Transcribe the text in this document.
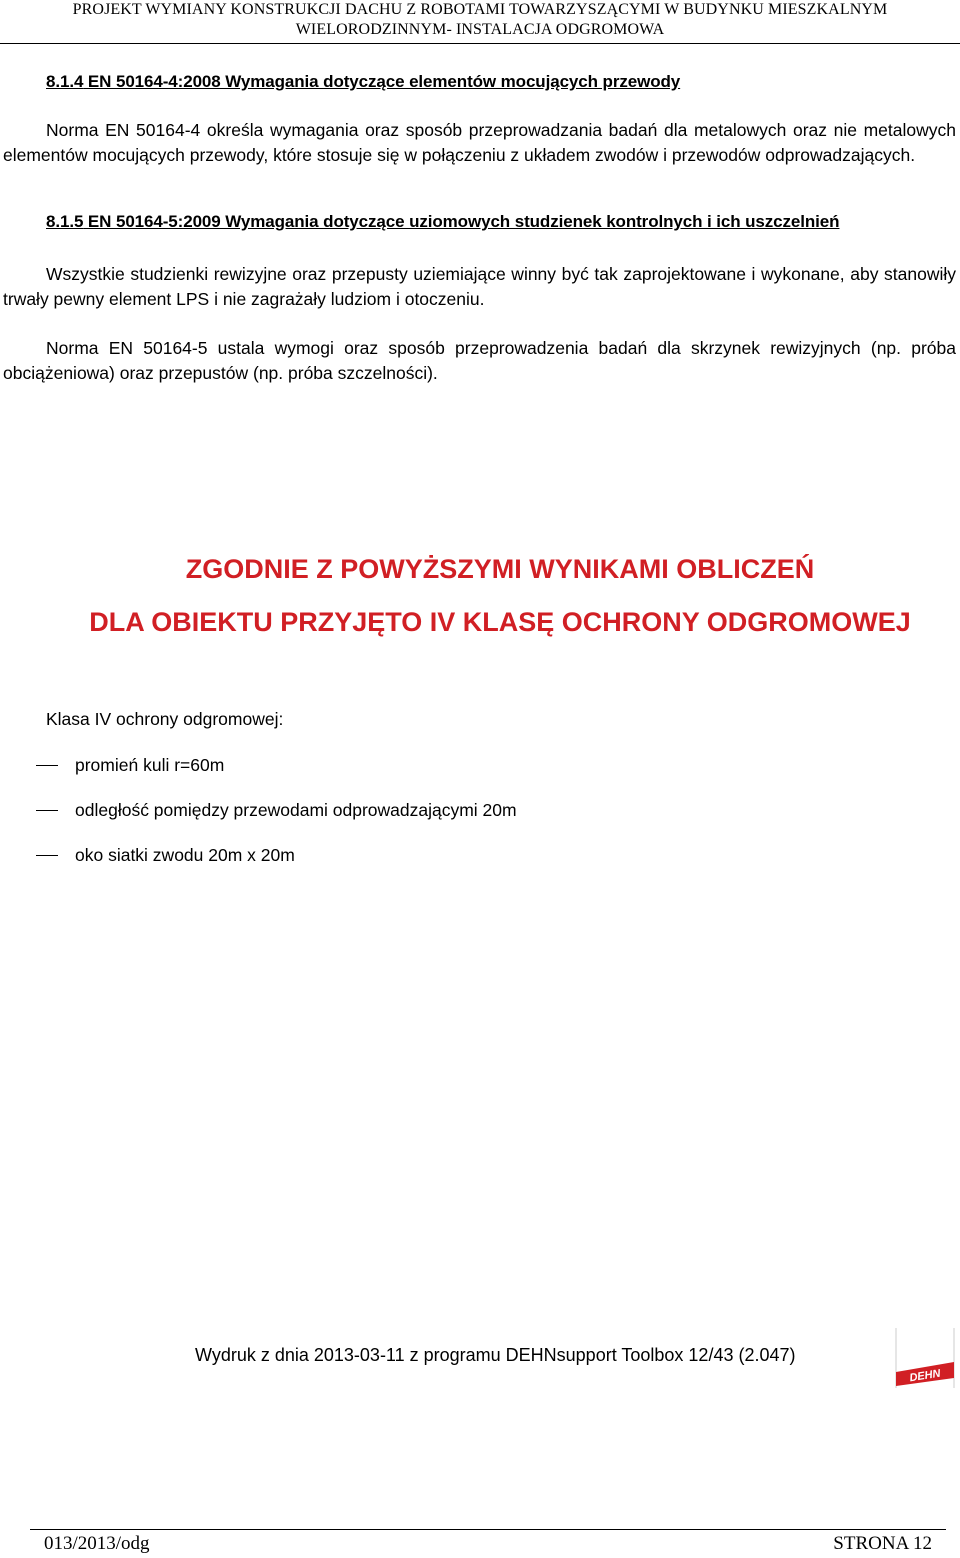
PROJEKT WYMIANY KONSTRUKCJI DACHU Z ROBOTAMI TOWARZYSZĄCYMI W BUDYNKU MIESZKALNYM
WIELORODZINNYM- INSTALACJA ODGROMOWA
8.1.4 EN 50164-4:2008 Wymagania dotyczące elementów mocujących przewody
Norma EN 50164-4 określa wymagania oraz sposób przeprowadzania badań dla metalowych oraz nie metalowych elementów mocujących przewody, które stosuje się w połączeniu z układem zwodów i przewodów odprowadzających.
8.1.5 EN 50164-5:2009 Wymagania dotyczące uziomowych studzienek kontrolnych i ich uszczelnień
Wszystkie studzienki rewizyjne oraz przepusty uziemiające winny być tak zaprojektowane i wykonane, aby stanowiły trwały pewny element LPS i nie zagrażały ludziom i otoczeniu.
Norma EN 50164-5 ustala wymogi oraz sposób przeprowadzenia badań dla skrzynek rewizyjnych (np. próba obciążeniowa) oraz przepustów (np. próba szczelności).
ZGODNIE Z POWYŻSZYMI WYNIKAMI OBLICZEŃ
DLA OBIEKTU PRZYJĘTO IV KLASĘ OCHRONY ODGROMOWEJ
Klasa IV ochrony odgromowej:
promień kuli r=60m
odległość pomiędzy przewodami odprowadzającymi 20m
oko siatki zwodu 20m x 20m
Wydruk z dnia 2013-03-11 z programu DEHNsupport Toolbox 12/43 (2.047)
DEHN
013/2013/odg	STRONA 12
